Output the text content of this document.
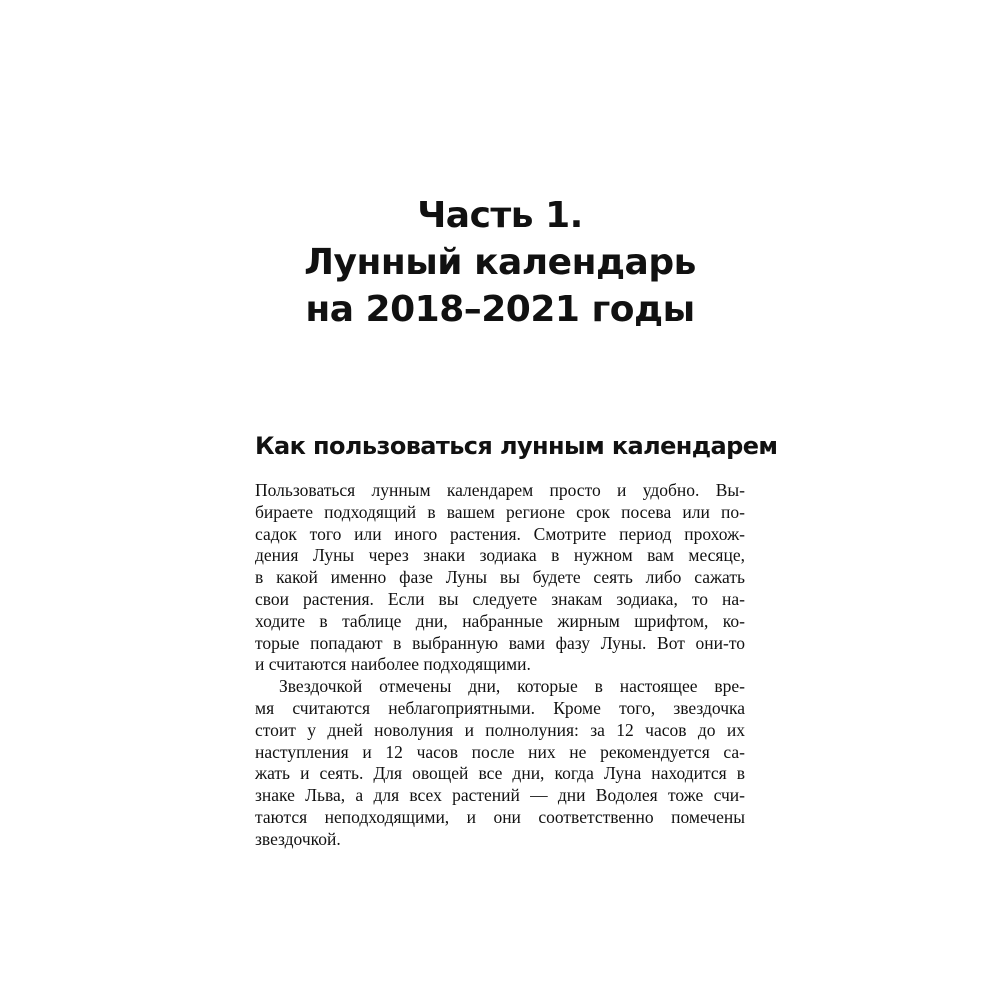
Часть 1.
Лунный календарь
на 2018–2021 годы
Как пользоваться лунным календарем

Пользоваться лунным календарем просто и удобно. Вы-
бираете подходящий в вашем регионе срок посева или по-
садок того или иного растения. Смотрите период прохож-
дения Луны через знаки зодиака в нужном вам месяце,
в какой именно фазе Луны вы будете сеять либо сажать
свои растения. Если вы следуете знакам зодиака, то на-
ходите в таблице дни, набранные жирным шрифтом, ко-
торые попадают в выбранную вами фазу Луны. Вот они-то
и считаются наиболее подходящими.

Звездочкой отмечены дни, которые в настоящее вре-
мя считаются неблагоприятными. Кроме того, звездочка
стоит у дней новолуния и полнолуния: за 12 часов до их
наступления и 12 часов после них не рекомендуется са-
жать и сеять. Для овощей все дни, когда Луна находится в
знаке Льва, а для всех растений — дни Водолея тоже счи-
таются неподходящими, и они соответственно помечены
звездочкой.
